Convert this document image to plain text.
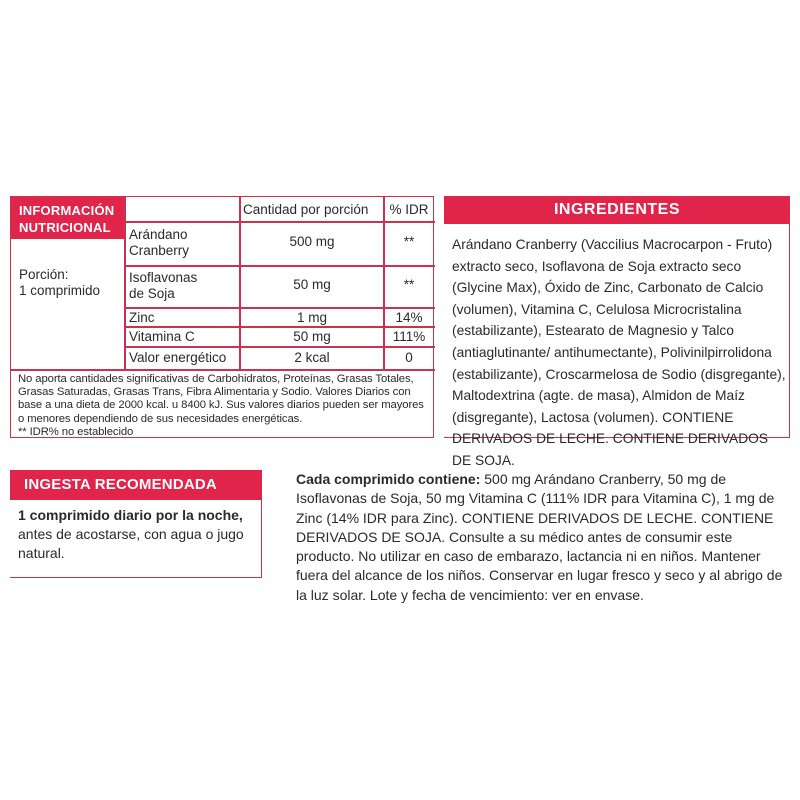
INFORMACIÓN
NUTRICIONAL
Cantidad por porción	% IDR
Porción:
1 comprimido
Arándano
Cranberry
500 mg	**
Isoflavonas
de Soja
50 mg	**
Zinc	1 mg	14%
Vitamina C	50 mg	111%
Valor energético	2 kcal	0
No aporta cantidades significativas de Carbohidratos, Proteínas, Grasas Totales, Grasas Saturadas, Grasas Trans, Fibra Alimentaria y Sodio. Valores Diarios con base a una dieta de 2000 kcal. u 8400 kJ. Sus valores diarios pueden ser mayores o menores dependiendo de sus necesidades energéticas.
** IDR% no establecido
INGREDIENTES
Arándano Cranberry (Vaccilius Macrocarpon - Fruto) extracto seco, Isoflavona de Soja extracto seco (Glycine Max), Óxido de Zinc, Carbonato de Calcio (volumen), Vitamina C, Celulosa Microcristalina (estabilizante), Estearato de Magnesio y Talco (antiaglutinante/ antihumectante), Polivinilpirrolidona (estabilizante), Croscarmelosa de Sodio (disgregante), Maltodextrina (agte. de masa), Almidon de Maíz (disgregante), Lactosa (volumen). CONTIENE DERIVADOS DE LECHE. CONTIENE DERIVADOS DE SOJA.
INGESTA RECOMENDADA
1 comprimido diario por la noche, antes de acostarse, con agua o jugo natural.
Cada comprimido contiene: 500 mg Arándano Cranberry, 50 mg de Isoflavonas de Soja, 50 mg Vitamina C (111% IDR para Vitamina C), 1 mg de Zinc (14% IDR para Zinc). CONTIENE DERIVADOS DE LECHE. CONTIENE DERIVADOS DE SOJA. Consulte a su médico antes de consumir este producto. No utilizar en caso de embarazo, lactancia ni en niños. Mantener fuera del alcance de los niños. Conservar en lugar fresco y seco y al abrigo de la luz solar. Lote y fecha de vencimiento: ver en envase.
